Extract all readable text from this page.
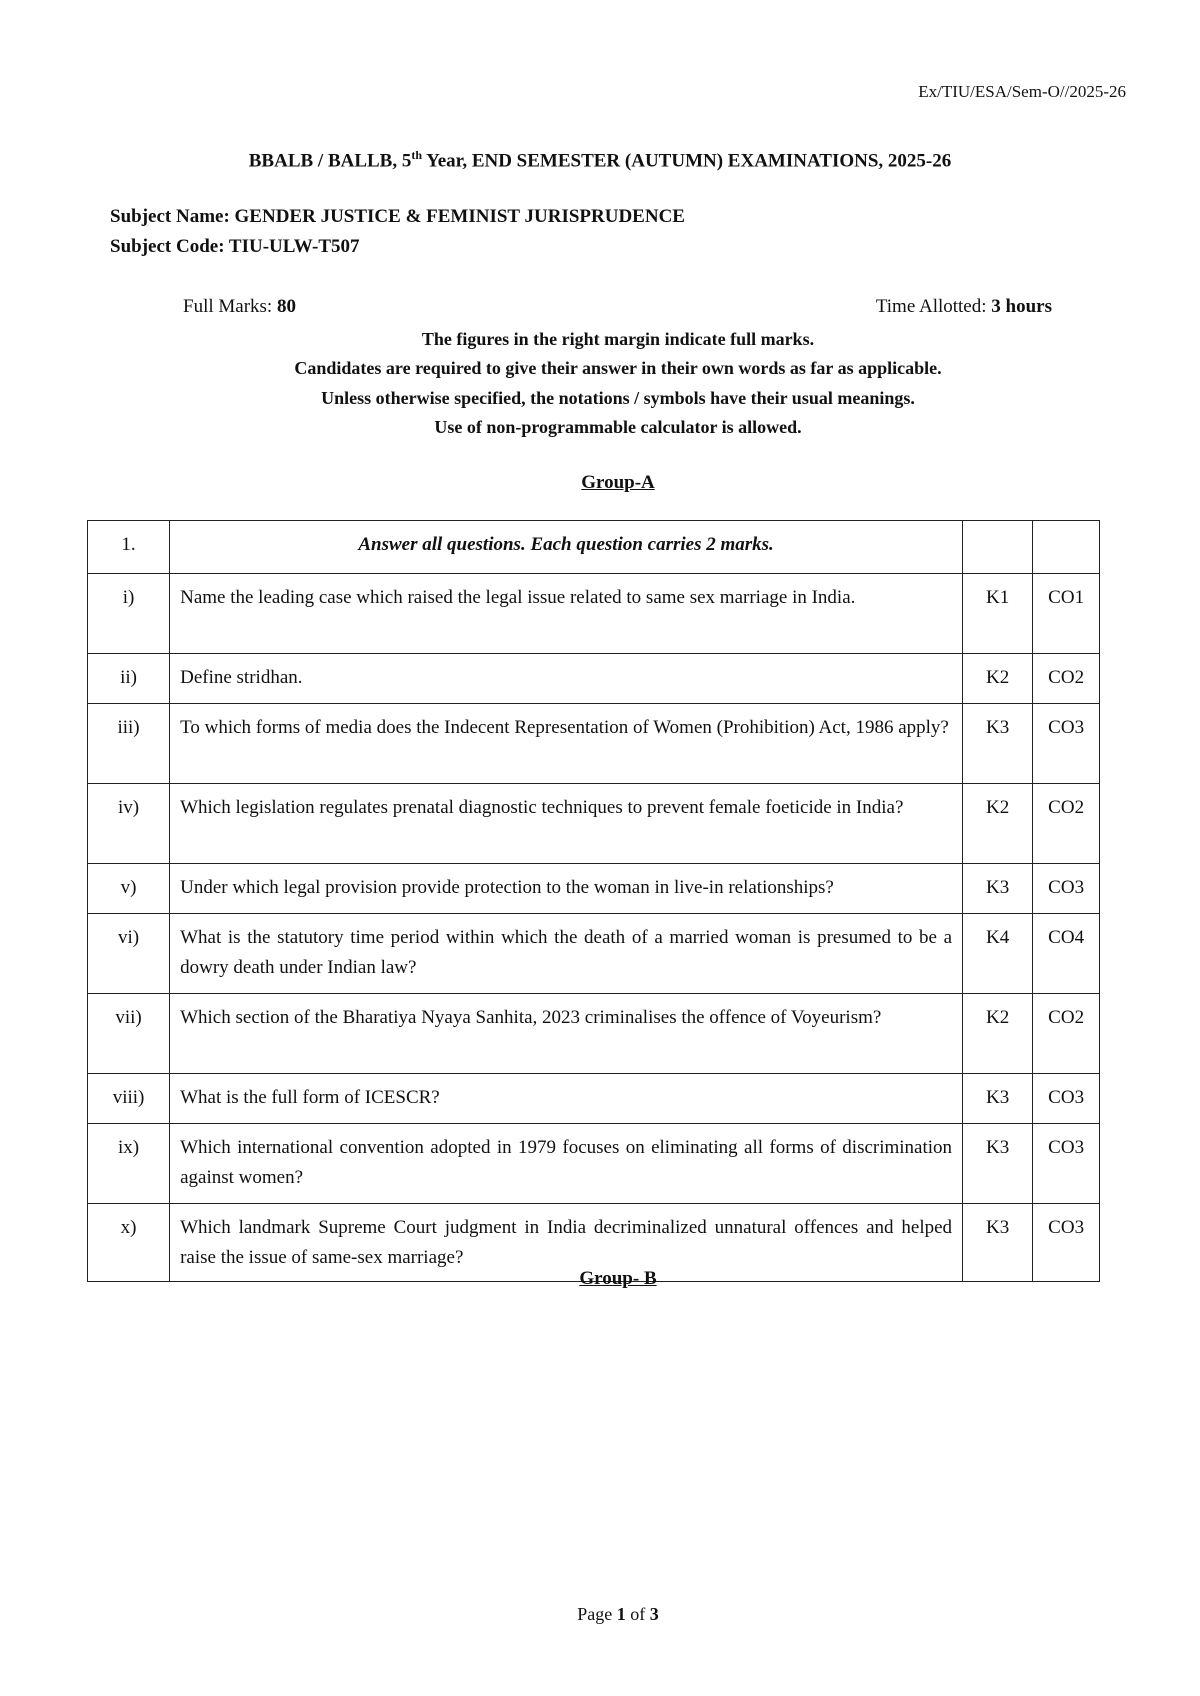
Ex/TIU/ESA/Sem-O//2025-26
BBALB / BALLB, 5th Year, END SEMESTER (AUTUMN) EXAMINATIONS, 2025-26
Subject Name: GENDER JUSTICE & FEMINIST JURISPRUDENCE
Subject Code: TIU-ULW-T507
Full Marks: 80	Time Allotted: 3 hours
The figures in the right margin indicate full marks.
Candidates are required to give their answer in their own words as far as applicable.
Unless otherwise specified, the notations / symbols have their usual meanings.
Use of non-programmable calculator is allowed.
Group-A
1.	Answer all questions. Each question carries 2 marks.		
i)	Name the leading case which raised the legal issue related to same sex marriage in India.	K1	CO1
ii)	Define stridhan.	K2	CO2
iii)	To which forms of media does the Indecent Representation of Women (Prohibition) Act, 1986 apply?	K3	CO3
iv)	Which legislation regulates prenatal diagnostic techniques to prevent female foeticide in India?	K2	CO2
v)	Under which legal provision provide protection to the woman in live-in relationships?	K3	CO3
vi)	What is the statutory time period within which the death of a married woman is presumed to be a dowry death under Indian law?	K4	CO4
vii)	Which section of the Bharatiya Nyaya Sanhita, 2023 criminalises the offence of Voyeurism?	K2	CO2
viii)	What is the full form of ICESCR?	K3	CO3
ix)	Which international convention adopted in 1979 focuses on eliminating all forms of discrimination against women?	K3	CO3
x)	Which landmark Supreme Court judgment in India decriminalized unnatural offences and helped raise the issue of same-sex marriage?	K3	CO3
Group- B
Page 1 of 3
